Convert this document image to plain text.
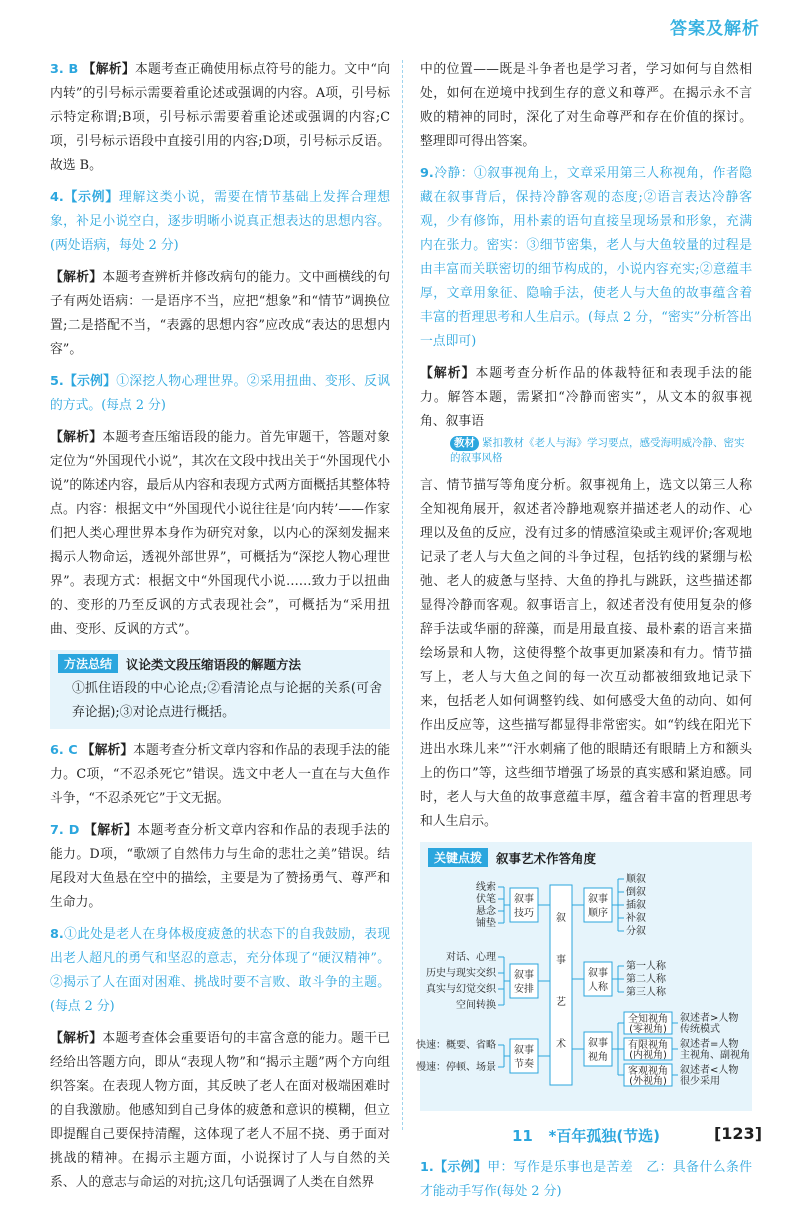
答案及解析

3. B 【解析】本题考查正确使用标点符号的能力。文中“向内转”的引号标示需要着重论述或强调的内容。A项，引号标示特定称谓;B项，引号标示需要着重论述或强调的内容;C项，引号标示语段中直接引用的内容;D项，引号标示反语。故选 B。

4.【示例】理解这类小说，需要在情节基础上发挥合理想象，补足小说空白，逐步明晰小说真正想表达的思想内容。(两处语病，每处 2 分)

【解析】本题考查辨析并修改病句的能力。文中画横线的句子有两处语病：一是语序不当，应把“想象”和“情节”调换位置;二是搭配不当，“表露的思想内容”应改成“表达的思想内容”。

5.【示例】①深挖人物心理世界。②采用扭曲、变形、反讽的方式。(每点 2 分)

【解析】本题考查压缩语段的能力。首先审题干，答题对象定位为“外国现代小说”，其次在文段中找出关于“外国现代小说”的陈述内容，最后从内容和表现方式两方面概括其整体特点。内容：根据文中“外国现代小说往往是‘向内转’——作家们把人类心理世界本身作为研究对象，以内心的深刻发掘来揭示人物命运，透视外部世界”，可概括为“深挖人物心理世界”。表现方式：根据文中“外国现代小说……致力于以扭曲的、变形的乃至反讽的方式表现社会”，可概括为“采用扭曲、变形、反讽的方式”。

方法总结	议论类文段压缩语段的解题方法

①抓住语段的中心论点;②看清论点与论据的关系(可舍弃论据);③对论点进行概括。

6. C 【解析】本题考查分析文章内容和作品的表现手法的能力。C项，“不忍杀死它”错误。选文中老人一直在与大鱼作斗争，“不忍杀死它”于文无据。

7. D 【解析】本题考查分析文章内容和作品的表现手法的能力。D项，“歌颂了自然伟力与生命的悲壮之美”错误。结尾段对大鱼悬在空中的描绘，主要是为了赞扬勇气、尊严和生命力。

8.①此处是老人在身体极度疲惫的状态下的自我鼓励，表现出老人超凡的勇气和坚忍的意志，充分体现了“硬汉精神”。②揭示了人在面对困难、挑战时要不言败、敢斗争的主题。(每点 2 分)

【解析】本题考查体会重要语句的丰富含意的能力。题干已经给出答题方向，即从“表现人物”和“揭示主题”两个方向组织答案。在表现人物方面，其反映了老人在面对极端困难时的自我激励。他感知到自己身体的疲惫和意识的模糊，但立即提醒自己要保持清醒，这体现了老人不屈不挠、勇于面对挑战的精神。在揭示主题方面，小说探讨了人与自然的关系、人的意志与命运的对抗;这几句话强调了人类在自然界

中的位置——既是斗争者也是学习者，学习如何与自然相处，如何在逆境中找到生存的意义和尊严。在揭示永不言败的精神的同时，深化了对生命尊严和存在价值的探讨。整理即可得出答案。

9.冷静：①叙事视角上，文章采用第三人称视角，作者隐藏在叙事背后，保持冷静客观的态度;②语言表达冷静客观，少有修饰，用朴素的语句直接呈现场景和形象，充满内在张力。密实：③细节密集，老人与大鱼较量的过程是由丰富而关联密切的细节构成的，小说内容充实;②意蕴丰厚，文章用象征、隐喻手法，使老人与大鱼的故事蕴含着丰富的哲理思考和人生启示。(每点 2 分，“密实”分析答出一点即可)

【解析】本题考查分析作品的体裁特征和表现手法的能力。解答本题，需紧扣“冷静而密实”，从文本的叙事视角、叙事语

教材 紧扣教材《老人与海》学习要点，感受海明威冷静、密实的叙事风格

言、情节描写等角度分析。叙事视角上，选文以第三人称全知视角展开，叙述者冷静地观察并描述老人的动作、心理以及鱼的反应，没有过多的情感渲染或主观评价;客观地记录了老人与大鱼之间的斗争过程，包括钓线的紧绷与松弛、老人的疲惫与坚持、大鱼的挣扎与跳跃，这些描述都显得冷静而客观。叙事语言上，叙述者没有使用复杂的修辞手法或华丽的辞藻，而是用最直接、最朴素的语言来描绘场景和人物，这使得整个故事更加紧凑和有力。情节描写上，老人与大鱼之间的每一次互动都被细致地记录下来，包括老人如何调整钓线、如何感受大鱼的动向、如何作出反应等，这些描写都显得非常密实。如“钓线在阳光下进出水珠儿来”“汗水刺痛了他的眼睛还有眼睛上方和额头上的伤口”等，这些细节增强了场景的真实感和紧迫感。同时，老人与大鱼的故事意蕴丰厚，蕴含着丰富的哲理思考和人生启示。

关键点拨	叙事艺术作答角度
叙
事
艺
术
叙事
技巧
线索
伏笔
悬念
铺垫
叙事
安排
对话、心理
历史与现实交织
真实与幻觉交织
空间转换
叙事
节奏
快速：概要、省略
慢速：停顿、场景
叙事
顺序
顺叙
倒叙
插叙
补叙
分叙
叙事
人称
第一人称
第二人称
第三人称
叙事
视角
全知视角
(零视角)
叙述者>人物
传统模式
有限视角
(内视角)
叙述者=人物
主视角、副视角
客观视角
(外视角)
叙述者<人物
很少采用
11 *百年孤独(节选)

1.【示例】甲：写作是乐事也是苦差　乙：具备什么条件才能动手写作(每处 2 分)

[123]
